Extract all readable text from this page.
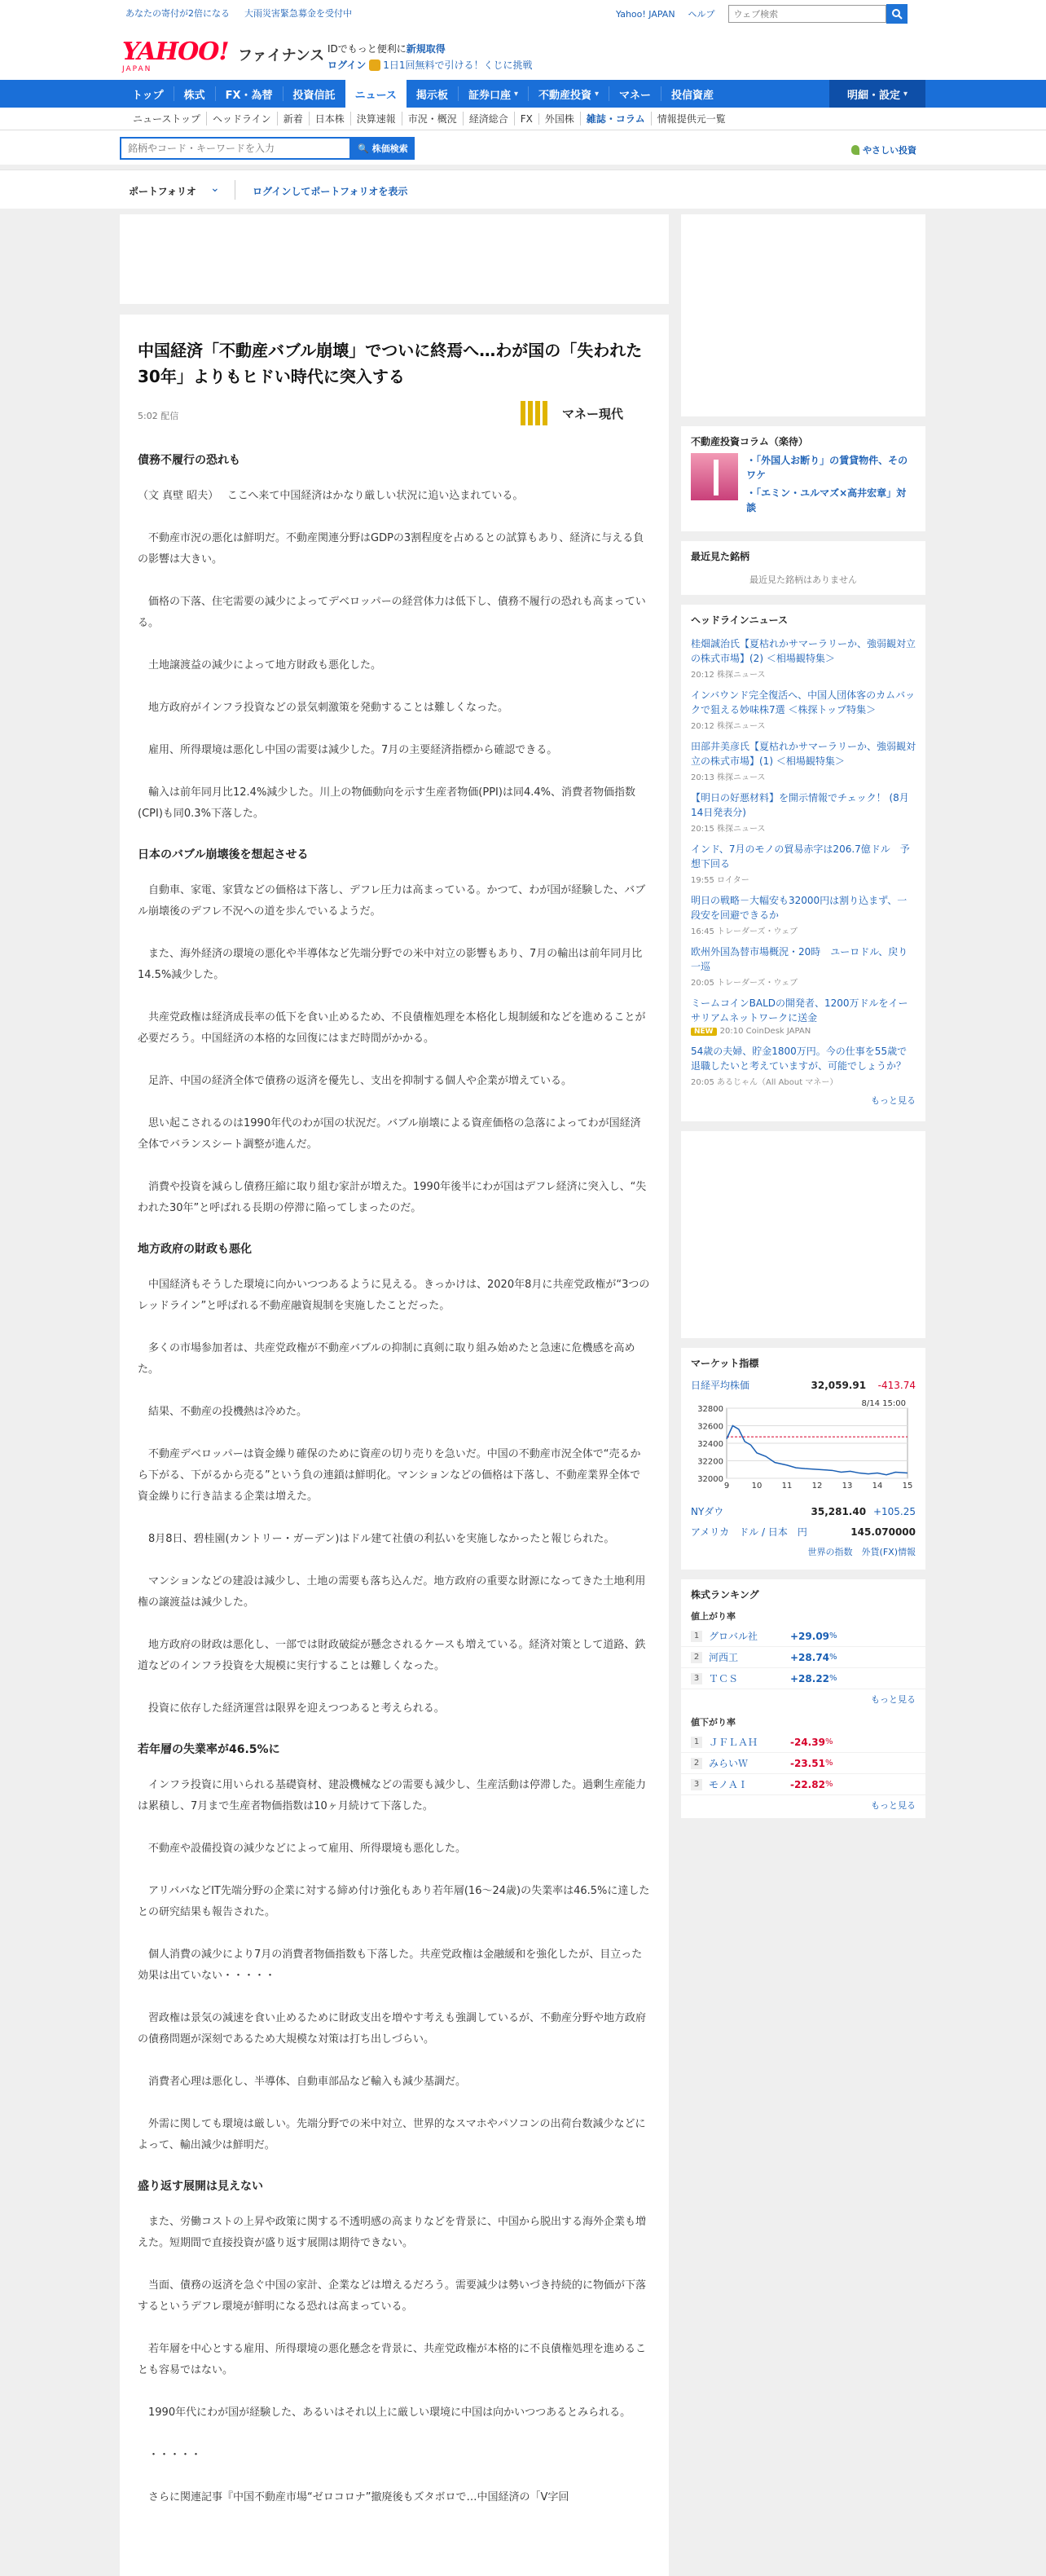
あなたの寄付が2倍になる 大雨災害緊急募金を受付中	Yahoo! JAPAN ヘルプ
ウェブ検索
YAHOO!
JAPAN
ファイナンス IDでもっと便利に新規取得
ログイン 1日1回無料で引ける！くじに挑戦
トップ	株式	FX・為替	投資信託	ニュース	掲示板	証券口座 ▾ 不動産投資 ▾	マネー	投信資産	明細・設定 ▾
ニューストップ	ヘッドライン	新着	日本株	決算速報	市況・概況	経済総合	FX	外国株	雑誌・コラム	情報提供元一覧
銘柄やコード・キーワードを入力
🔍 株価検索	やさしい投資
ポートフォリオ ⌄	ログインしてポートフォリオを表示
中国経済「不動産バブル崩壊」でついに終焉へ…わが国の「失われた30年」よりもヒドい時代に突入する
5:02 配信	マネー現代
債務不履行の恐れも

（文 真壁 昭夫）　 ここへ来て中国経済はかなり厳しい状況に追い込まれている。

　不動産市況の悪化は鮮明だ。不動産関連分野はGDPの3割程度を占めるとの試算もあり、経済に与える負の影響は大きい。

　価格の下落、住宅需要の減少によってデベロッパーの経営体力は低下し、債務不履行の恐れも高まっている。

　土地譲渡益の減少によって地方財政も悪化した。

　地方政府がインフラ投資などの景気刺激策を発動することは難しくなった。

　雇用、所得環境は悪化し中国の需要は減少した。7月の主要経済指標から確認できる。

　輸入は前年同月比12.4%減少した。川上の物価動向を示す生産者物価(PPI)は同4.4%、消費者物価指数(CPI)も同0.3%下落した。

日本のバブル崩壊後を想起させる

　自動車、家電、家賃などの価格は下落し、デフレ圧力は高まっている。かつて、わが国が経験した、バブル崩壊後のデフレ不況への道を歩んでいるようだ。

　また、海外経済の環境の悪化や半導体など先端分野での米中対立の影響もあり、7月の輸出は前年同月比14.5%減少した。

　共産党政権は経済成長率の低下を食い止めるため、不良債権処理を本格化し規制緩和などを進めることが必要だろう。中国経済の本格的な回復にはまだ時間がかかる。

　足許、中国の経済全体で債務の返済を優先し、支出を抑制する個人や企業が増えている。

　思い起こされるのは1990年代のわが国の状況だ。バブル崩壊による資産価格の急落によってわが国経済全体でバランスシート調整が進んだ。

　消費や投資を減らし債務圧縮に取り組む家計が増えた。1990年後半にわが国はデフレ経済に突入し、“失われた30年”と呼ばれる長期の停滞に陥ってしまったのだ。

地方政府の財政も悪化

　中国経済もそうした環境に向かいつつあるように見える。きっかけは、2020年8月に共産党政権が“3つのレッドライン”と呼ばれる不動産融資規制を実施したことだった。

　多くの市場参加者は、共産党政権が不動産バブルの抑制に真剣に取り組み始めたと急速に危機感を高めた。

　結果、不動産の投機熱は冷めた。

　不動産デベロッパーは資金繰り確保のために資産の切り売りを急いだ。中国の不動産市況全体で“売るから下がる、下がるから売る”という負の連鎖は鮮明化。マンションなどの価格は下落し、不動産業界全体で資金繰りに行き詰まる企業は増えた。

　8月8日、碧桂園(カントリー・ガーデン)はドル建て社債の利払いを実施しなかったと報じられた。

　マンションなどの建設は減少し、土地の需要も落ち込んだ。地方政府の重要な財源になってきた土地利用権の譲渡益は減少した。

　地方政府の財政は悪化し、一部では財政破綻が懸念されるケースも増えている。経済対策として道路、鉄道などのインフラ投資を大規模に実行することは難しくなった。

　投資に依存した経済運営は限界を迎えつつあると考えられる。

若年層の失業率が46.5%に

　インフラ投資に用いられる基礎資材、建設機械などの需要も減少し、生産活動は停滞した。過剰生産能力は累積し、7月まで生産者物価指数は10ヶ月続けて下落した。

　不動産や設備投資の減少などによって雇用、所得環境も悪化した。

　アリババなどIT先端分野の企業に対する締め付け強化もあり若年層(16～24歳)の失業率は46.5%に達したとの研究結果も報告された。

　個人消費の減少により7月の消費者物価指数も下落した。共産党政権は金融緩和を強化したが、目立った効果は出ていない・・・・・

　習政権は景気の減速を食い止めるために財政支出を増やす考えも強調しているが、不動産分野や地方政府の債務問題が深刻であるため大規模な対策は打ち出しづらい。

　消費者心理は悪化し、半導体、自動車部品など輸入も減少基調だ。

　外需に関しても環境は厳しい。先端分野での米中対立、世界的なスマホやパソコンの出荷台数減少などによって、輸出減少は鮮明だ。

盛り返す展開は見えない

　また、労働コストの上昇や政策に関する不透明感の高まりなどを背景に、中国から脱出する海外企業も増えた。短期間で直接投資が盛り返す展開は期待できない。

　当面、債務の返済を急ぐ中国の家計、企業などは増えるだろう。需要減少は勢いづき持続的に物価が下落するというデフレ環境が鮮明になる恐れは高まっている。

　若年層を中心とする雇用、所得環境の悪化懸念を背景に、共産党政権が本格的に不良債権処理を進めることも容易ではない。

　1990年代にわが国が経験した、あるいはそれ以上に厳しい環境に中国は向かいつつあるとみられる。

　・・・・・

　さらに関連記事『中国不動産市場“ゼロコロナ”撤廃後もズタボロで…中国経済の「V字回

不動産投資コラム（楽待）
・ 「外国人お断り」の賃貸物件、そのワケ
・ 「エミン・ユルマズ×高井宏章」対談
最近見た銘柄
最近見た銘柄はありません
ヘッドラインニュース
桂畑誠治氏【夏枯れかサマーラリーか、強弱観対立の株式市場】(2) ＜相場観特集＞
20:12 株探ニュース
インバウンド完全復活へ、中国人団体客のカムバックで狙える妙味株7選 ＜株探トップ特集＞
20:12 株探ニュース
田部井美彦氏【夏枯れかサマーラリーか、強弱観対立の株式市場】(1) ＜相場観特集＞
20:13 株探ニュース
【明日の好悪材料】を開示情報でチェック！ (8月14日発表分)
20:15 株探ニュース
インド、7月のモノの貿易赤字は206.7億ドル　予想下回る
19:55 ロイター
明日の戦略－大幅安も32000円は割り込まず、一段安を回避できるか
16:45 トレーダーズ・ウェブ
欧州外国為替市場概況・20時　ユーロドル、戻り一巡
20:05 トレーダーズ・ウェブ
ミームコインBALDの開発者、1200万ドルをイーサリアムネットワークに送金
NEW 20:10 CoinDesk JAPAN
54歳の夫婦、貯金1800万円。今の仕事を55歳で退職したいと考えていますが、可能でしょうか？
20:05 あるじゃん（All About マネー）
もっと見る
マーケット指標
日経平均株価	32,059.91	-413.74
32000
32200
32400
32600
32800
9	10 11 12 13 14 15
8/14 15:00
NYダウ	35,281.40 +105.25
アメリカ　ドル / 日本　円	145.070000
世界の指数　外貨(FX)情報
株式ランキング
値上がり率
1 グロバル社	+29.09 %
2 河西工	+28.74 %
3 ＴＣＳ	+28.22 %
もっと見る
値下がり率
1 ＪＦＬＡＨ	-24.39 %
2 みらいＷ	-23.51 %
3 モノＡＩ	-22.82 %
もっと見る
